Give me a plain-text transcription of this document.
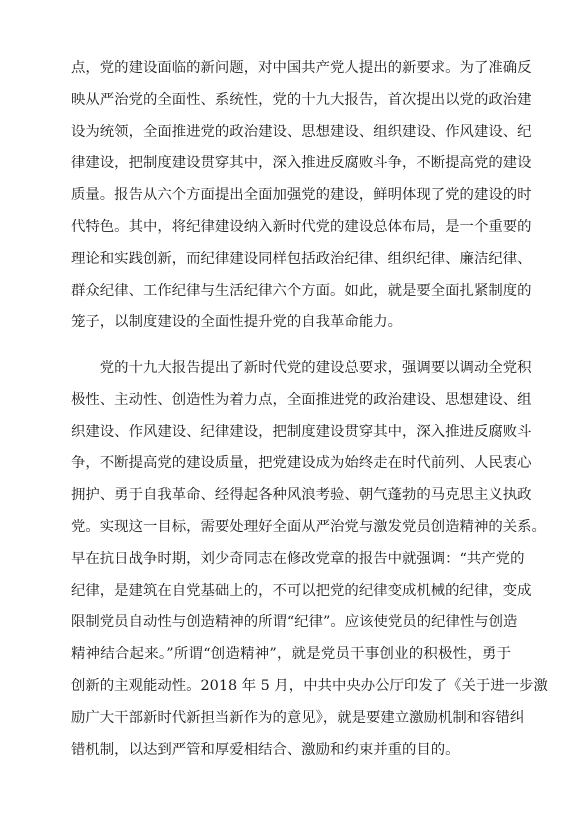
点，党的建设面临的新问题，对中国共产党人提出的新要求。为了准确反
映从严治党的全面性、系统性，党的十九大报告，首次提出以党的政治建
设为统领，全面推进党的政治建设、思想建设、组织建设、作风建设、纪
律建设，把制度建设贯穿其中，深入推进反腐败斗争，不断提高党的建设
质量。报告从六个方面提出全面加强党的建设，鲜明体现了党的建设的时
代特色。其中，将纪律建设纳入新时代党的建设总体布局，是一个重要的
理论和实践创新，而纪律建设同样包括政治纪律、组织纪律、廉洁纪律、
群众纪律、工作纪律与生活纪律六个方面。如此，就是要全面扎紧制度的
笼子，以制度建设的全面性提升党的自我革命能力。
　　党的十九大报告提出了新时代党的建设总要求，强调要以调动全党积
极性、主动性、创造性为着力点，全面推进党的政治建设、思想建设、组
织建设、作风建设、纪律建设，把制度建设贯穿其中，深入推进反腐败斗
争，不断提高党的建设质量，把党建设成为始终走在时代前列、人民衷心
拥护、勇于自我革命、经得起各种风浪考验、朝气蓬勃的马克思主义执政
党。实现这一目标，需要处理好全面从严治党与激发党员创造精神的关系。
早在抗日战争时期，刘少奇同志在修改党章的报告中就强调：“共产党的
纪律，是建筑在自党基础上的，不可以把党的纪律变成机械的纪律，变成
限制党员自动性与创造精神的所谓“纪律”。应该使党员的纪律性与创造
精神结合起来。”所谓“创造精神”，就是党员干事创业的积极性，勇于
创新的主观能动性。2018 年 5 月，中共中央办公厅印发了《关于进一步激
励广大干部新时代新担当新作为的意见》，就是要建立激励机制和容错纠
错机制，以达到严管和厚爱相结合、激励和约束并重的目的。
